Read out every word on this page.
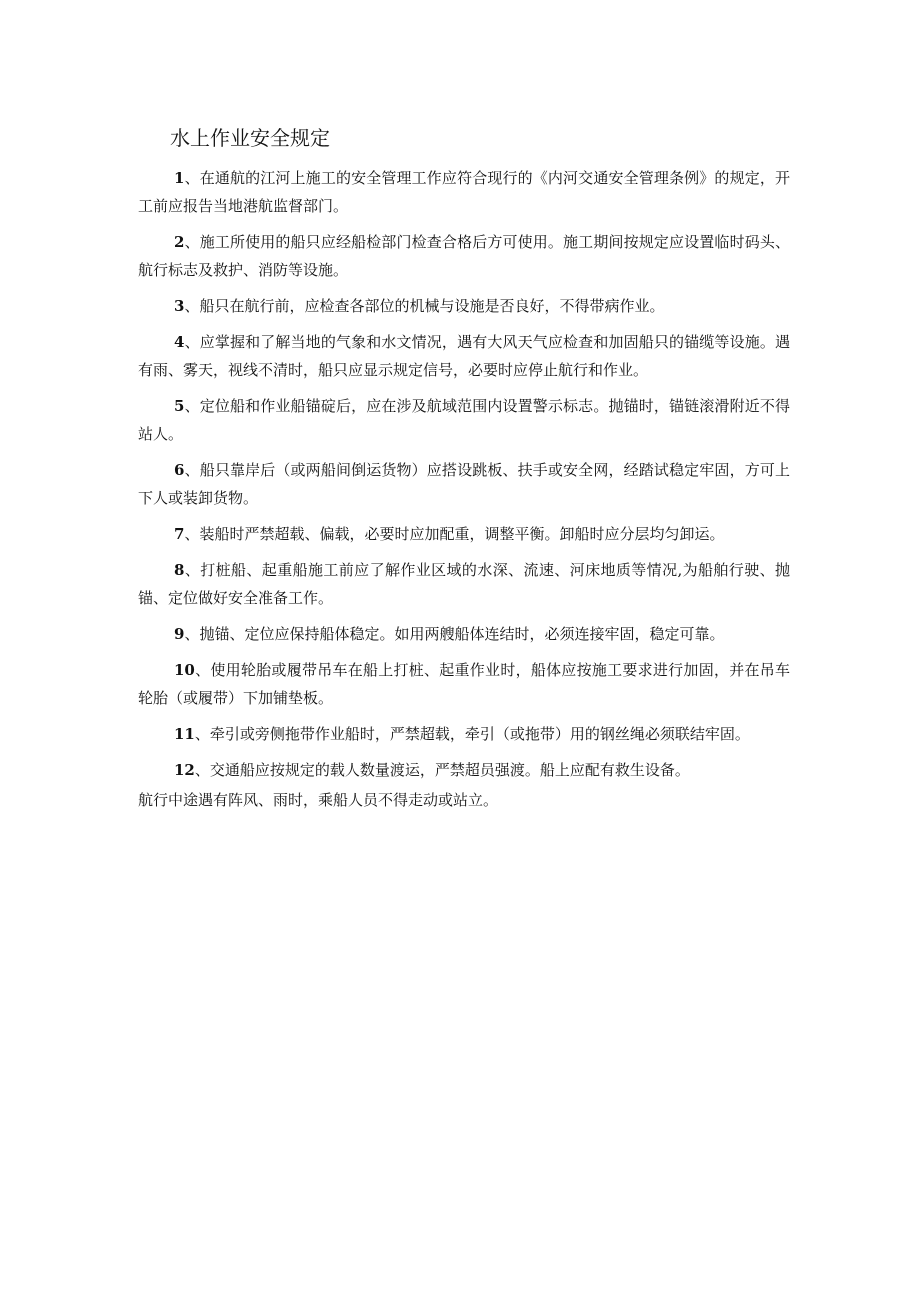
水上作业安全规定

1、在通航的江河上施工的安全管理工作应符合现行的《内河交通安全管理条例》的规定，开工前应报告当地港航监督部门。

2、施工所使用的船只应经船检部门检查合格后方可使用。施工期间按规定应设置临时码头、航行标志及救护、消防等设施。

3、船只在航行前，应检查各部位的机械与设施是否良好，不得带病作业。

4、应掌握和了解当地的气象和水文情况，遇有大风天气应检查和加固船只的锚缆等设施。遇有雨、雾天，视线不清时，船只应显示规定信号，必要时应停止航行和作业。

5、定位船和作业船锚碇后，应在涉及航域范围内设置警示标志。抛锚时，锚链滚滑附近不得站人。

6、船只靠岸后（或两船间倒运货物）应搭设跳板、扶手或安全网，经踏试稳定牢固，方可上下人或装卸货物。

7、装船时严禁超载、偏载，必要时应加配重，调整平衡。卸船时应分层均匀卸运。

8、打桩船、起重船施工前应了解作业区域的水深、流速、河床地质等情况,为船舶行驶、抛锚、定位做好安全准备工作。

9、抛锚、定位应保持船体稳定。如用两艘船体连结时，必须连接牢固，稳定可靠。

10、使用轮胎或履带吊车在船上打桩、起重作业时，船体应按施工要求进行加固，并在吊车轮胎（或履带）下加铺垫板。

11、牵引或旁侧拖带作业船时，严禁超载，牵引（或拖带）用的钢丝绳必须联结牢固。

12、交通船应按规定的载人数量渡运，严禁超员强渡。船上应配有救生设备。

航行中途遇有阵风、雨时，乘船人员不得走动或站立。
